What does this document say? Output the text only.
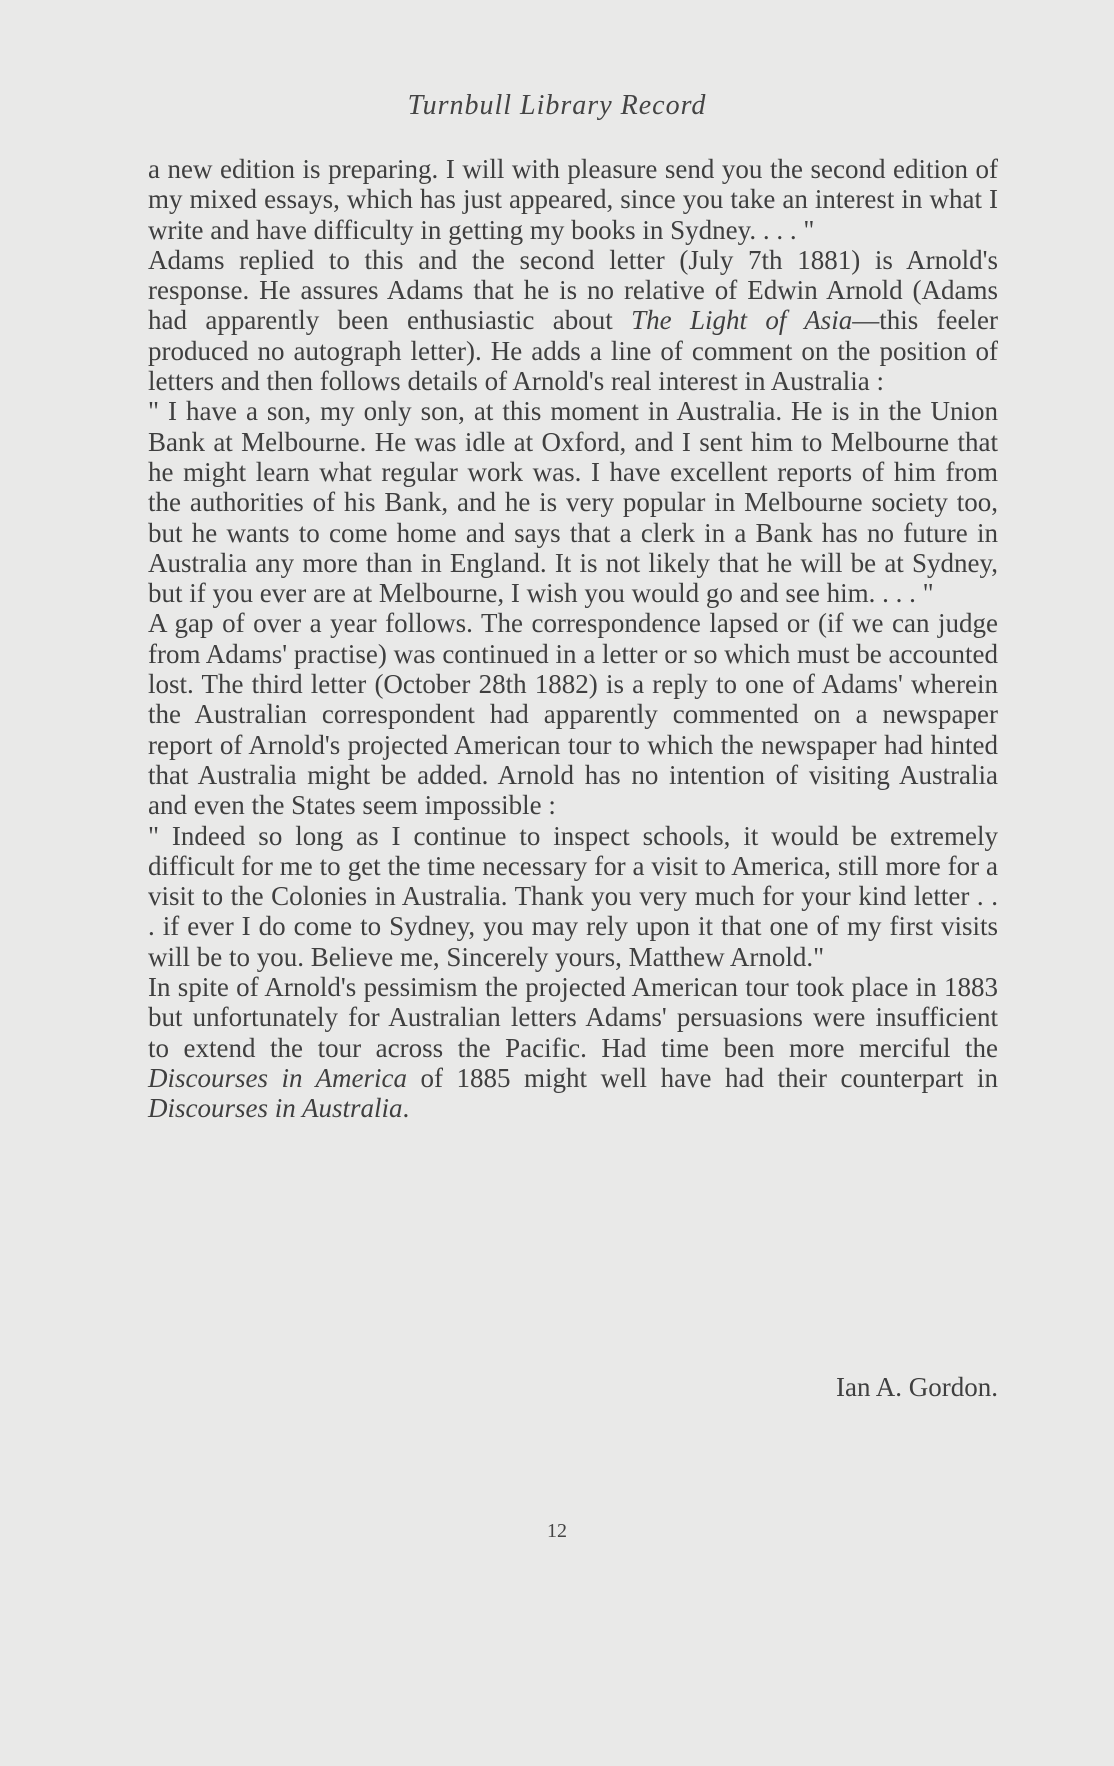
Turnbull Library Record

a new edition is preparing. I will with pleasure send you the second edition of my mixed essays, which has just appeared, since you take an interest in what I write and have difficulty in getting my books in Sydney. . . . "

Adams replied to this and the second letter (July 7th 1881) is Arnold's response. He assures Adams that he is no relative of Edwin Arnold (Adams had apparently been enthusiastic about The Light of Asia—this feeler produced no autograph letter). He adds a line of comment on the position of letters and then follows details of Arnold's real interest in Australia :

" I have a son, my only son, at this moment in Australia. He is in the Union Bank at Melbourne. He was idle at Oxford, and I sent him to Melbourne that he might learn what regular work was. I have excellent reports of him from the authorities of his Bank, and he is very popular in Melbourne society too, but he wants to come home and says that a clerk in a Bank has no future in Australia any more than in England. It is not likely that he will be at Sydney, but if you ever are at Melbourne, I wish you would go and see him. . . . "

A gap of over a year follows. The correspondence lapsed or (if we can judge from Adams' practise) was continued in a letter or so which must be accounted lost. The third letter (October 28th 1882) is a reply to one of Adams' wherein the Australian correspondent had apparently commented on a newspaper report of Arnold's projected American tour to which the newspaper had hinted that Australia might be added. Arnold has no intention of visiting Australia and even the States seem impossible :

" Indeed so long as I continue to inspect schools, it would be extremely difficult for me to get the time necessary for a visit to America, still more for a visit to the Colonies in Australia. Thank you very much for your kind letter . . . if ever I do come to Sydney, you may rely upon it that one of my first visits will be to you. Believe me, Sincerely yours, Matthew Arnold."

In spite of Arnold's pessimism the projected American tour took place in 1883 but unfortunately for Australian letters Adams' persuasions were insufficient to extend the tour across the Pacific. Had time been more merciful the Discourses in America of 1885 might well have had their counterpart in Discourses in Australia.

Ian A. Gordon.
12
